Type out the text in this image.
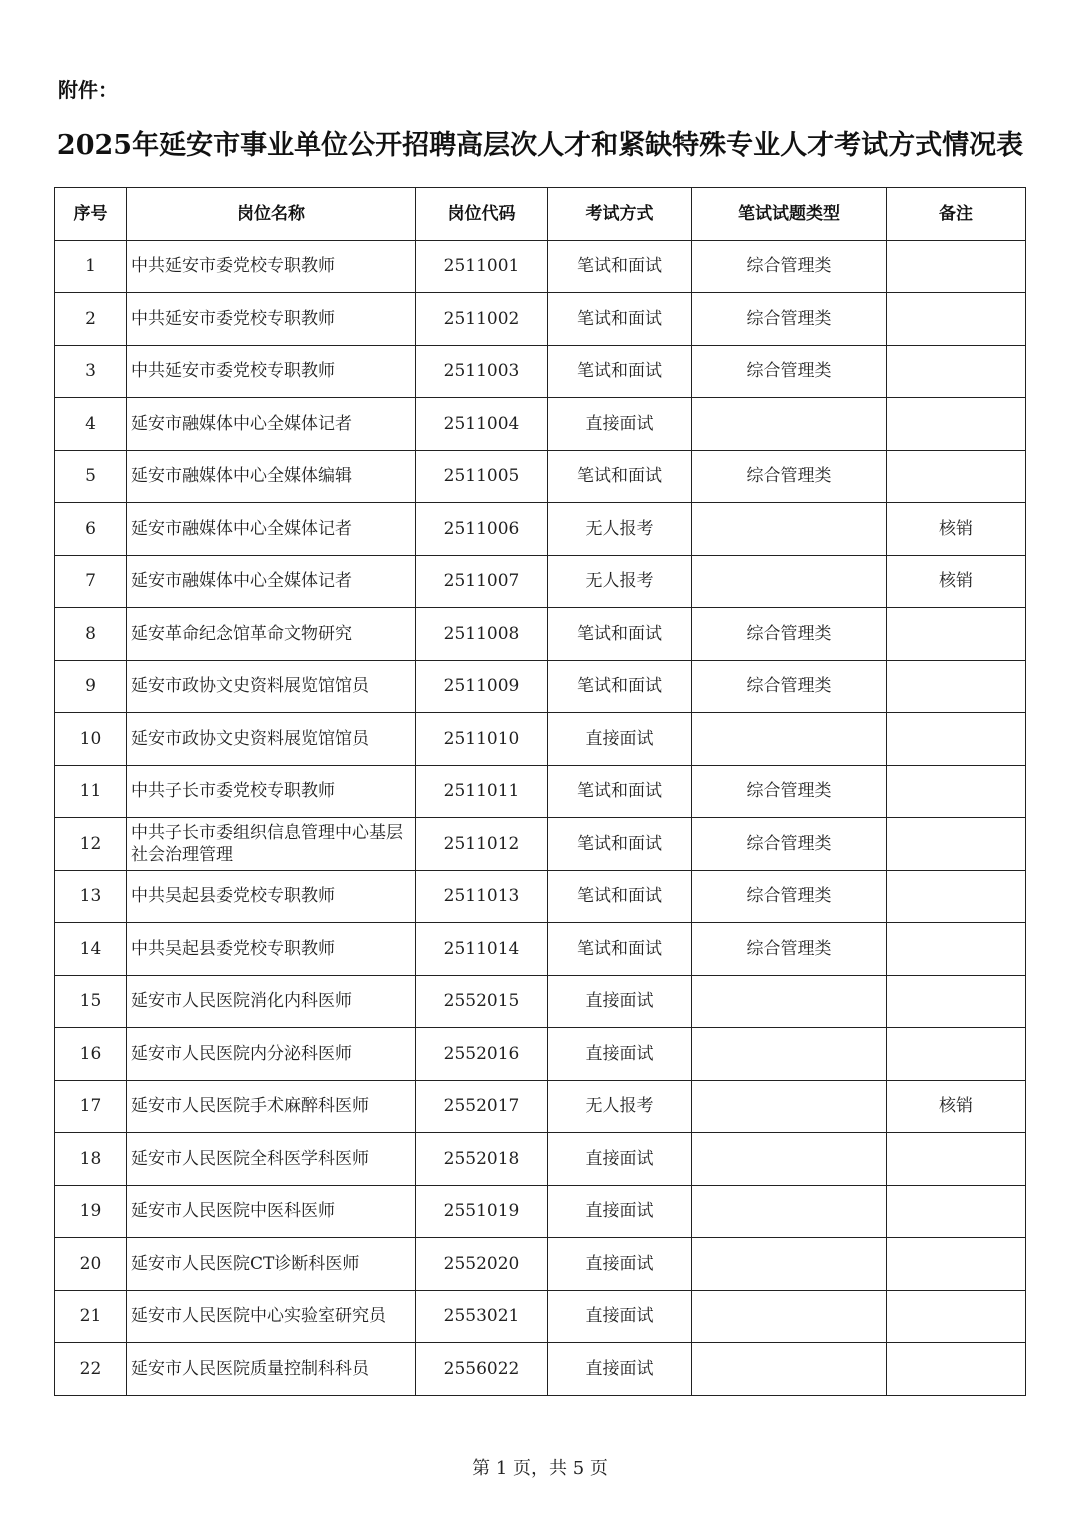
附件：
2025年延安市事业单位公开招聘高层次人才和紧缺特殊专业人才考试方式情况表
序号	岗位名称	岗位代码	考试方式	笔试试题类型	备注
1	中共延安市委党校专职教师	2511001	笔试和面试	综合管理类	
2	中共延安市委党校专职教师	2511002	笔试和面试	综合管理类	
3	中共延安市委党校专职教师	2511003	笔试和面试	综合管理类	
4	延安市融媒体中心全媒体记者	2511004	直接面试		
5	延安市融媒体中心全媒体编辑	2511005	笔试和面试	综合管理类	
6	延安市融媒体中心全媒体记者	2511006	无人报考		核销
7	延安市融媒体中心全媒体记者	2511007	无人报考		核销
8	延安革命纪念馆革命文物研究	2511008	笔试和面试	综合管理类	
9	延安市政协文史资料展览馆馆员	2511009	笔试和面试	综合管理类	
10	延安市政协文史资料展览馆馆员	2511010	直接面试		
11	中共子长市委党校专职教师	2511011	笔试和面试	综合管理类	
12	中共子长市委组织信息管理中心基层社会治理管理	2511012	笔试和面试	综合管理类	
13	中共吴起县委党校专职教师	2511013	笔试和面试	综合管理类	
14	中共吴起县委党校专职教师	2511014	笔试和面试	综合管理类	
15	延安市人民医院消化内科医师	2552015	直接面试		
16	延安市人民医院内分泌科医师	2552016	直接面试		
17	延安市人民医院手术麻醉科医师	2552017	无人报考		核销
18	延安市人民医院全科医学科医师	2552018	直接面试		
19	延安市人民医院中医科医师	2551019	直接面试		
20	延安市人民医院CT诊断科医师	2552020	直接面试		
21	延安市人民医院中心实验室研究员	2553021	直接面试		
22	延安市人民医院质量控制科科员	2556022	直接面试		
第 1 页，共 5 页
